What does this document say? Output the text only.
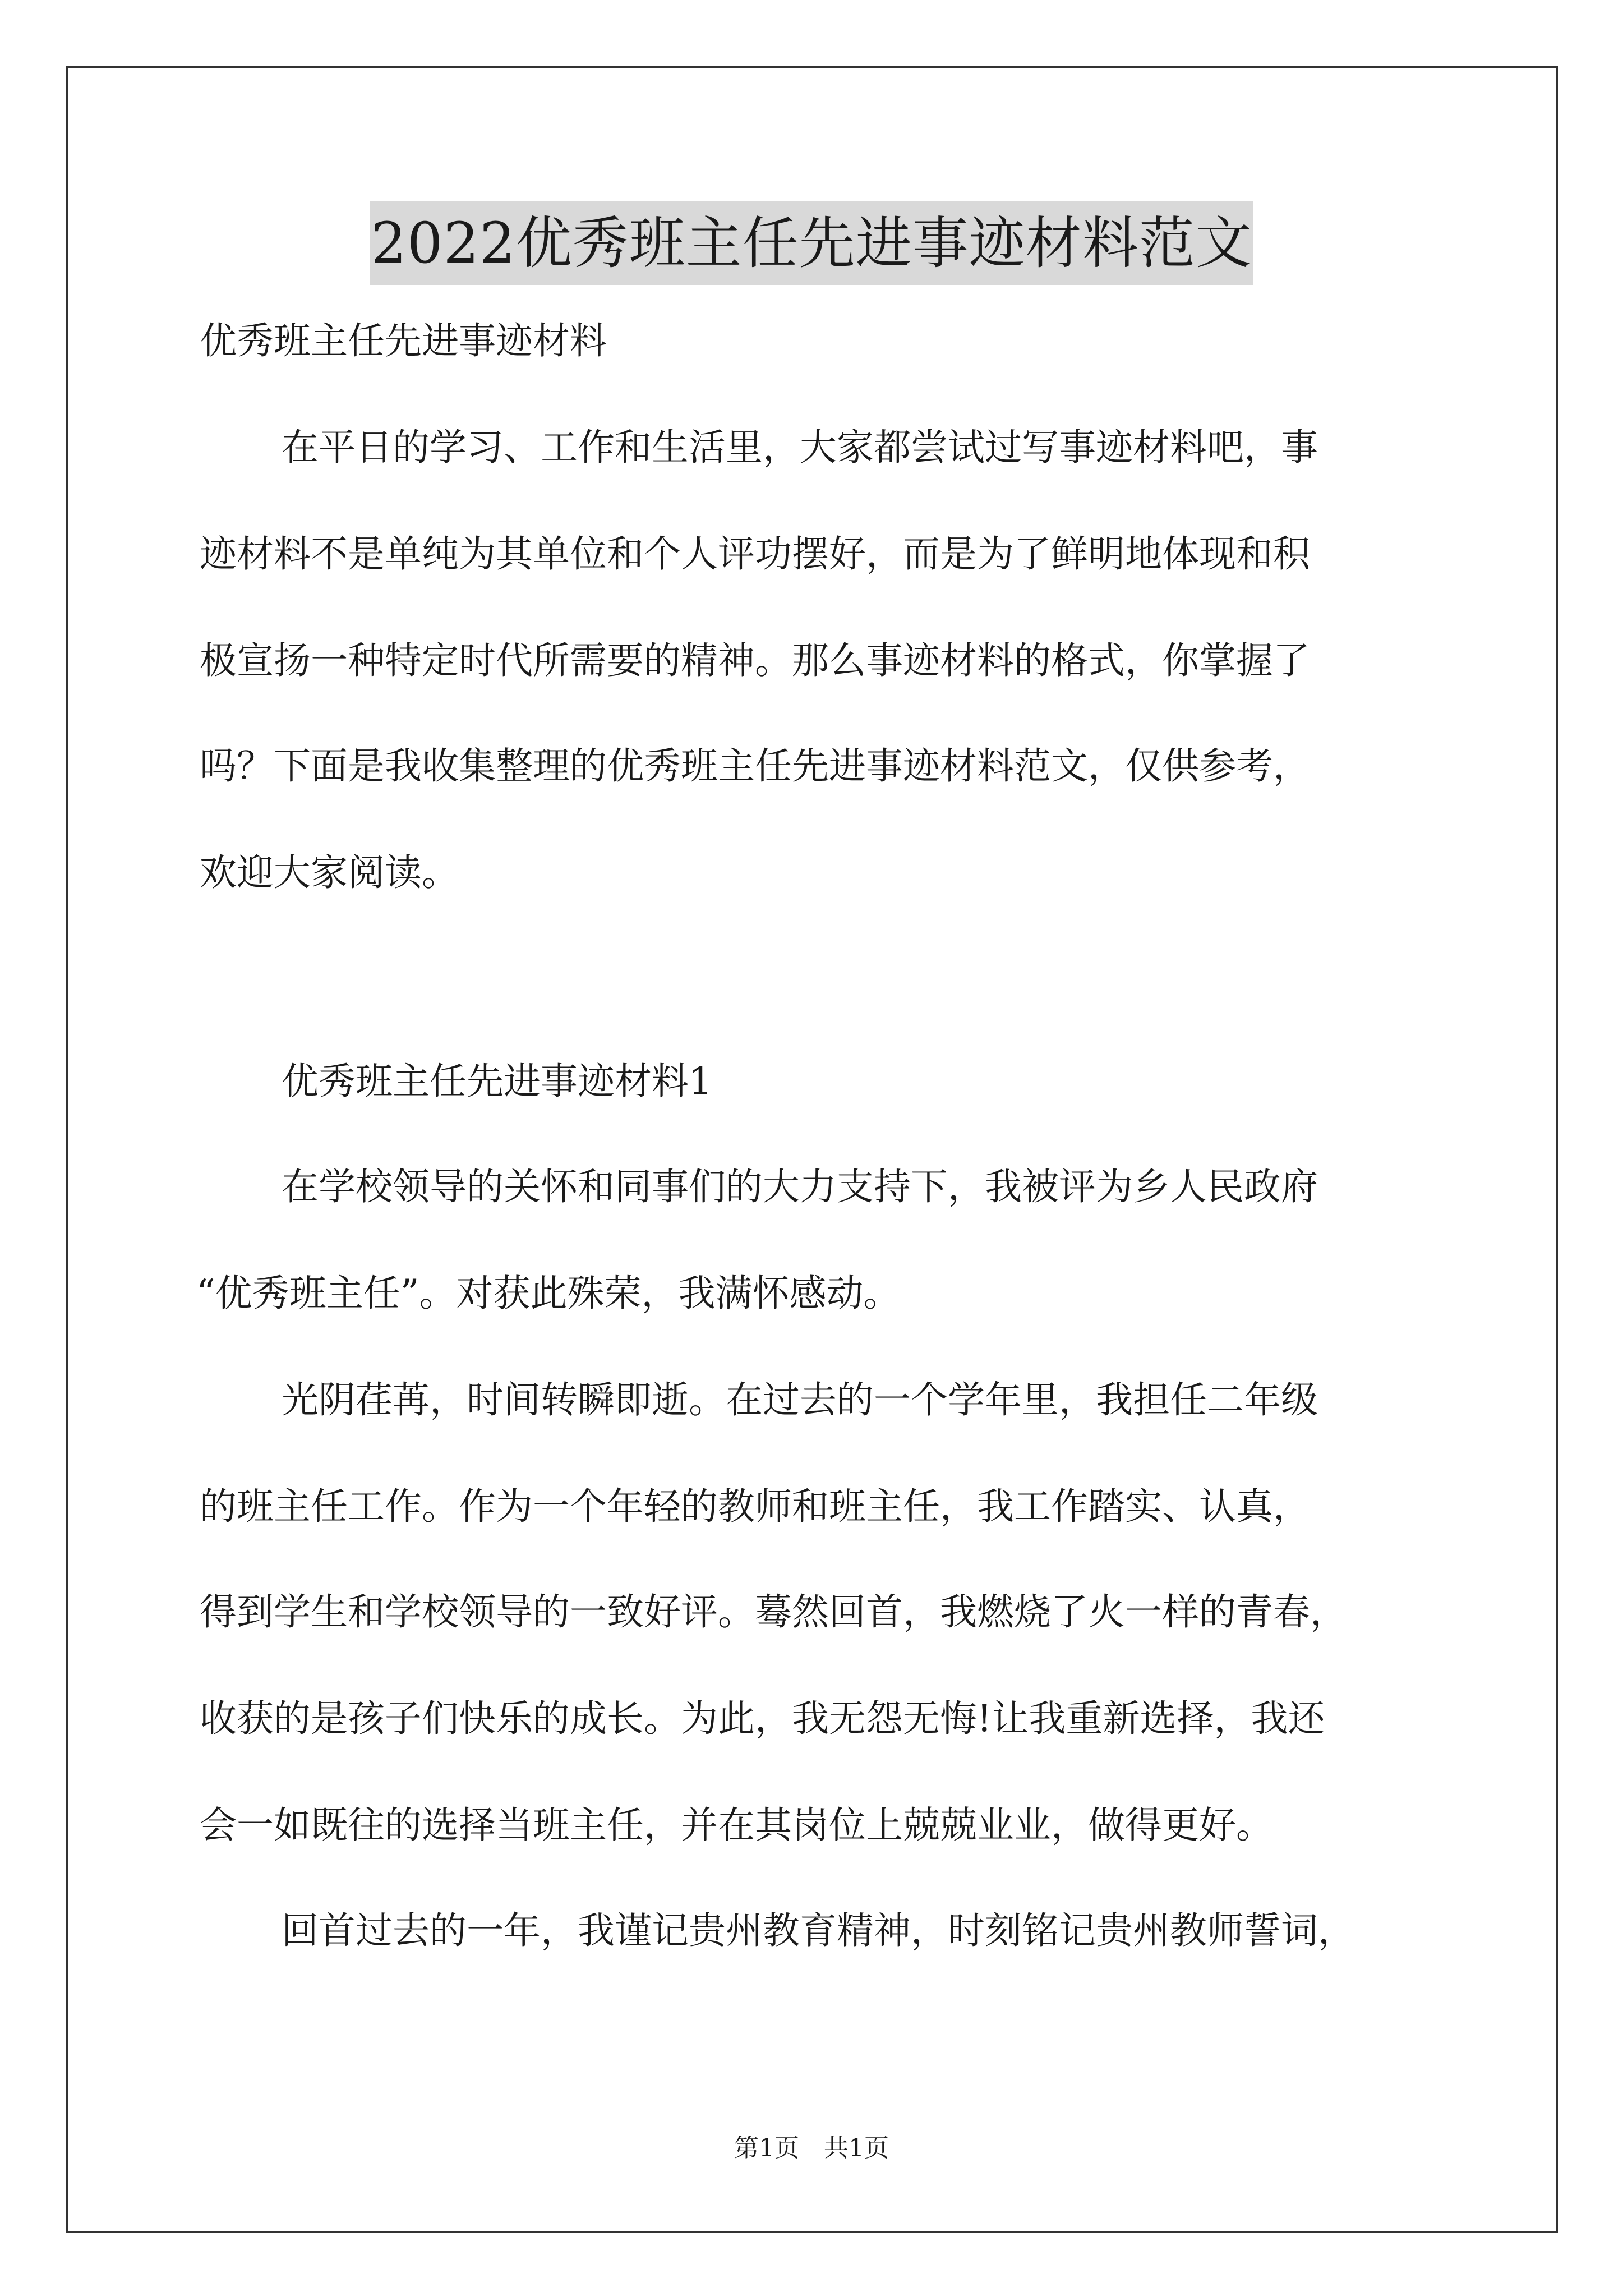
2022优秀班主任先进事迹材料范文

优秀班主任先进事迹材料

在平日的学习、工作和生活里，大家都尝试过写事迹材料吧，事

迹材料不是单纯为其单位和个人评功摆好，而是为了鲜明地体现和积

极宣扬一种特定时代所需要的精神。那么事迹材料的格式，你掌握了

吗？下面是我收集整理的优秀班主任先进事迹材料范文，仅供参考，

欢迎大家阅读。

优秀班主任先进事迹材料1

在学校领导的关怀和同事们的大力支持下，我被评为乡人民政府

“优秀班主任”。对获此殊荣，我满怀感动。

光阴荏苒，时间转瞬即逝。在过去的一个学年里，我担任二年级

的班主任工作。作为一个年轻的教师和班主任，我工作踏实、认真，

得到学生和学校领导的一致好评。蓦然回首，我燃烧了火一样的青春，

收获的是孩子们快乐的成长。为此，我无怨无悔!让我重新选择，我还

会一如既往的选择当班主任，并在其岗位上兢兢业业，做得更好。

回首过去的一年，我谨记贵州教育精神，时刻铭记贵州教师誓词，

第1页　共1页
